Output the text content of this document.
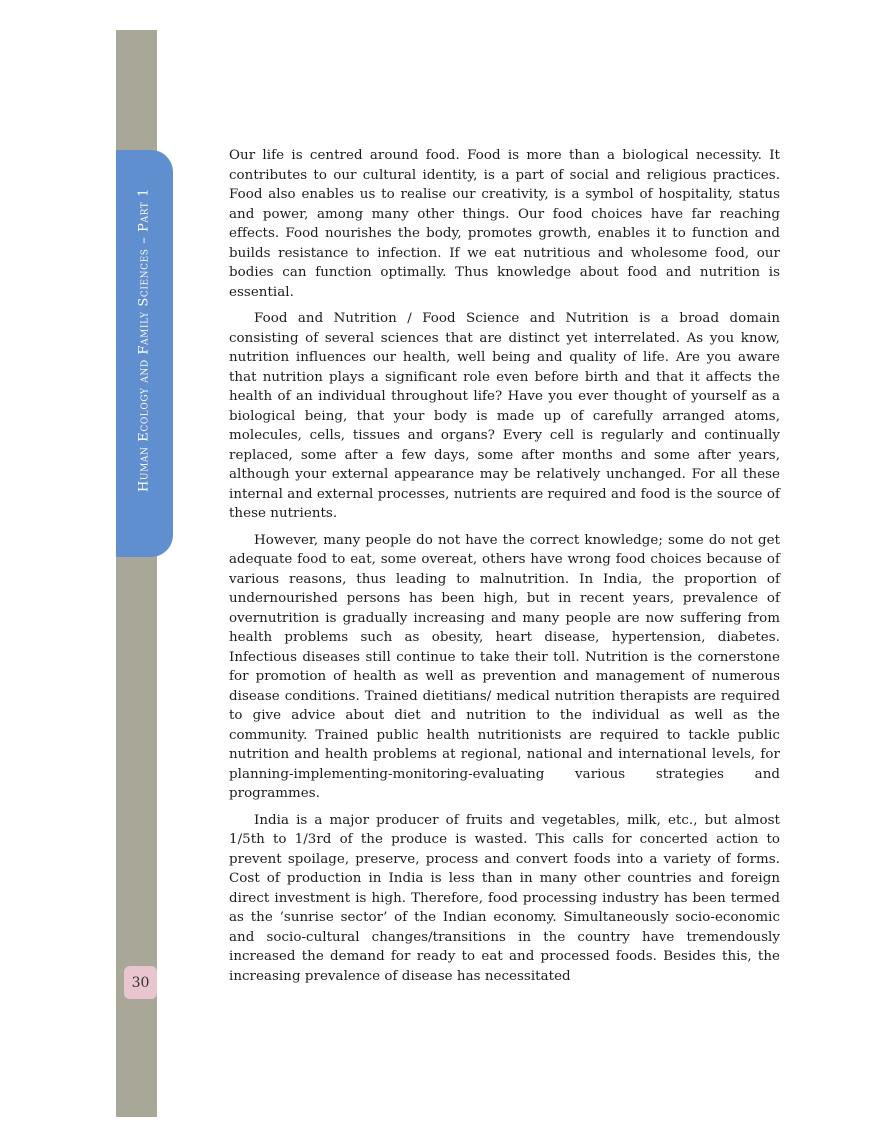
Human Ecology and Family Sciences – Part 1
30

Our life is centred around food. Food is more than a biological necessity. It contributes to our cultural identity, is a part of social and religious practices. Food also enables us to realise our creativity, is a symbol of hospitality, status and power, among many other things. Our food choices have far reaching effects. Food nourishes the body, promotes growth, enables it to function and builds resistance to infection. If we eat nutritious and wholesome food, our bodies can function optimally. Thus knowledge about food and nutrition is essential.

Food and Nutrition / Food Science and Nutrition is a broad domain consisting of several sciences that are distinct yet interrelated. As you know, nutrition influences our health, well being and quality of life. Are you aware that nutrition plays a significant role even before birth and that it affects the health of an individual throughout life? Have you ever thought of yourself as a biological being, that your body is made up of carefully arranged atoms, molecules, cells, tissues and organs? Every cell is regularly and continually replaced, some after a few days, some after months and some after years, although your external appearance may be relatively unchanged. For all these internal and external processes, nutrients are required and food is the source of these nutrients.

However, many people do not have the correct knowledge; some do not get adequate food to eat, some overeat, others have wrong food choices because of various reasons, thus leading to malnutrition. In India, the proportion of undernourished persons has been high, but in recent years, prevalence of overnutrition is gradually increasing and many people are now suffering from health problems such as obesity, heart disease, hypertension, diabetes. Infectious diseases still continue to take their toll. Nutrition is the cornerstone for promotion of health as well as prevention and management of numerous disease conditions. Trained dietitians/ medical nutrition therapists are required to give advice about diet and nutrition to the individual as well as the community. Trained public health nutritionists are required to tackle public nutrition and health problems at regional, national and international levels, for planning-implementing-monitoring-evaluating various strategies and programmes.

India is a major producer of fruits and vegetables, milk, etc., but almost 1/5th to 1/3rd of the produce is wasted. This calls for concerted action to prevent spoilage, preserve, process and convert foods into a variety of forms. Cost of production in India is less than in many other countries and foreign direct investment is high. Therefore, food processing industry has been termed as the ‘sunrise sector’ of the Indian economy. Simultaneously socio-economic and socio-cultural changes/transitions in the country have tremendously increased the demand for ready to eat and processed foods. Besides this, the increasing prevalence of disease has necessitated
